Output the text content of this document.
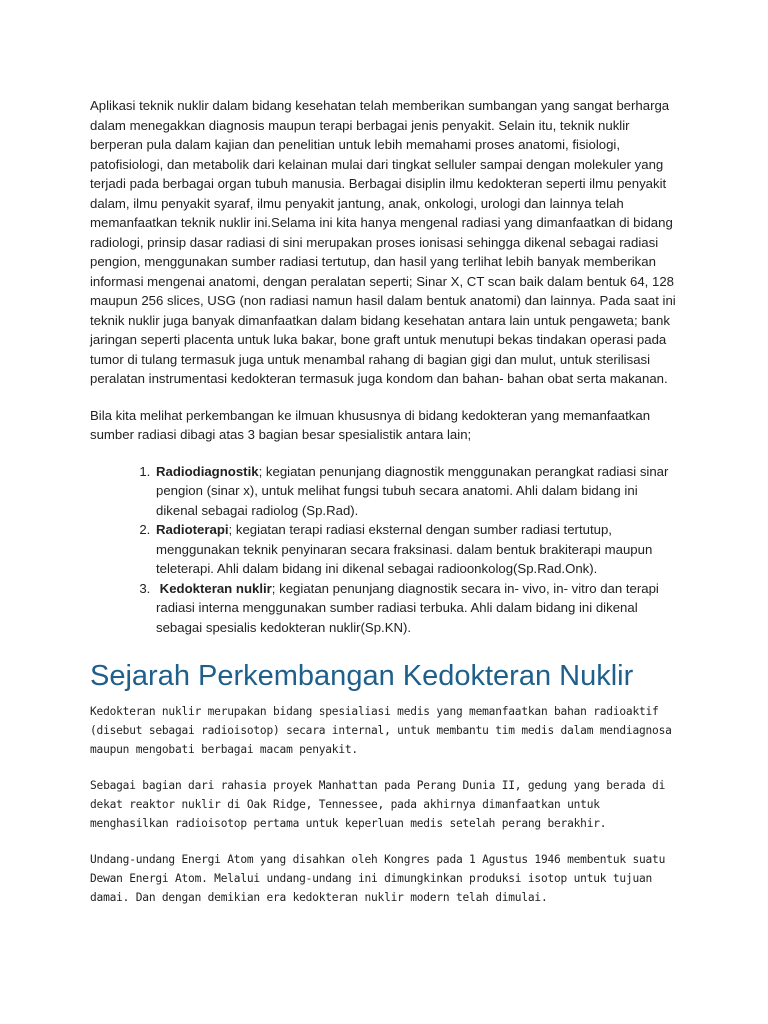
Aplikasi teknik nuklir dalam bidang kesehatan telah memberikan sumbangan yang sangat berharga dalam menegakkan diagnosis maupun terapi berbagai jenis penyakit. Selain itu, teknik nuklir berperan pula dalam kajian dan penelitian untuk lebih memahami proses anatomi, fisiologi, patofisiologi, dan metabolik dari kelainan mulai dari tingkat selluler sampai dengan molekuler yang terjadi pada berbagai organ tubuh manusia. Berbagai disiplin ilmu kedokteran seperti ilmu penyakit dalam, ilmu penyakit syaraf, ilmu penyakit jantung, anak, onkologi, urologi dan lainnya telah memanfaatkan teknik nuklir ini.Selama ini kita hanya mengenal radiasi yang dimanfaatkan di bidang radiologi, prinsip dasar radiasi di sini merupakan proses ionisasi sehingga dikenal sebagai radiasi pengion, menggunakan sumber radiasi tertutup, dan hasil yang terlihat lebih banyak memberikan informasi mengenai anatomi, dengan peralatan seperti; Sinar X, CT scan baik dalam bentuk 64, 128 maupun 256 slices, USG (non radiasi namun hasil dalam bentuk anatomi) dan lainnya. Pada saat ini teknik nuklir juga banyak dimanfaatkan dalam bidang kesehatan antara lain untuk pengaweta; bank jaringan seperti placenta untuk luka bakar, bone graft untuk menutupi bekas tindakan operasi pada tumor di tulang termasuk juga untuk menambal rahang di bagian gigi dan mulut, untuk sterilisasi peralatan instrumentasi kedokteran termasuk juga kondom dan bahan- bahan obat serta makanan.

Bila kita melihat perkembangan ke ilmuan khususnya di bidang kedokteran yang memanfaatkan sumber radiasi dibagi atas 3 bagian besar spesialistik antara lain;

1. Radiodiagnostik; kegiatan penunjang diagnostik menggunakan perangkat radiasi sinar pengion (sinar x), untuk melihat fungsi tubuh secara anatomi. Ahli dalam bidang ini dikenal sebagai radiolog (Sp.Rad).
2. Radioterapi; kegiatan terapi radiasi eksternal dengan sumber radiasi tertutup, menggunakan teknik penyinaran secara fraksinasi. dalam bentuk brakiterapi maupun teleterapi. Ahli dalam bidang ini dikenal sebagai radioonkolog(Sp.Rad.Onk).
3. Kedokteran nuklir; kegiatan penunjang diagnostik secara in- vivo, in- vitro dan terapi radiasi interna menggunakan sumber radiasi terbuka. Ahli dalam bidang ini dikenal sebagai spesialis kedokteran nuklir(Sp.KN).
Sejarah Perkembangan Kedokteran Nuklir

Kedokteran nuklir merupakan bidang spesialiasi medis yang memanfaatkan bahan radioaktif (disebut sebagai radioisotop) secara internal, untuk membantu tim medis dalam mendiagnosa maupun mengobati berbagai macam penyakit.

Sebagai bagian dari rahasia proyek Manhattan pada Perang Dunia II, gedung yang berada di dekat reaktor nuklir di Oak Ridge, Tennessee, pada akhirnya dimanfaatkan untuk menghasilkan radioisotop pertama untuk keperluan medis setelah perang berakhir.

Undang-undang Energi Atom yang disahkan oleh Kongres pada 1 Agustus 1946 membentuk suatu Dewan Energi Atom. Melalui undang-undang ini dimungkinkan produksi isotop untuk tujuan damai. Dan dengan demikian era kedokteran nuklir modern telah dimulai.
